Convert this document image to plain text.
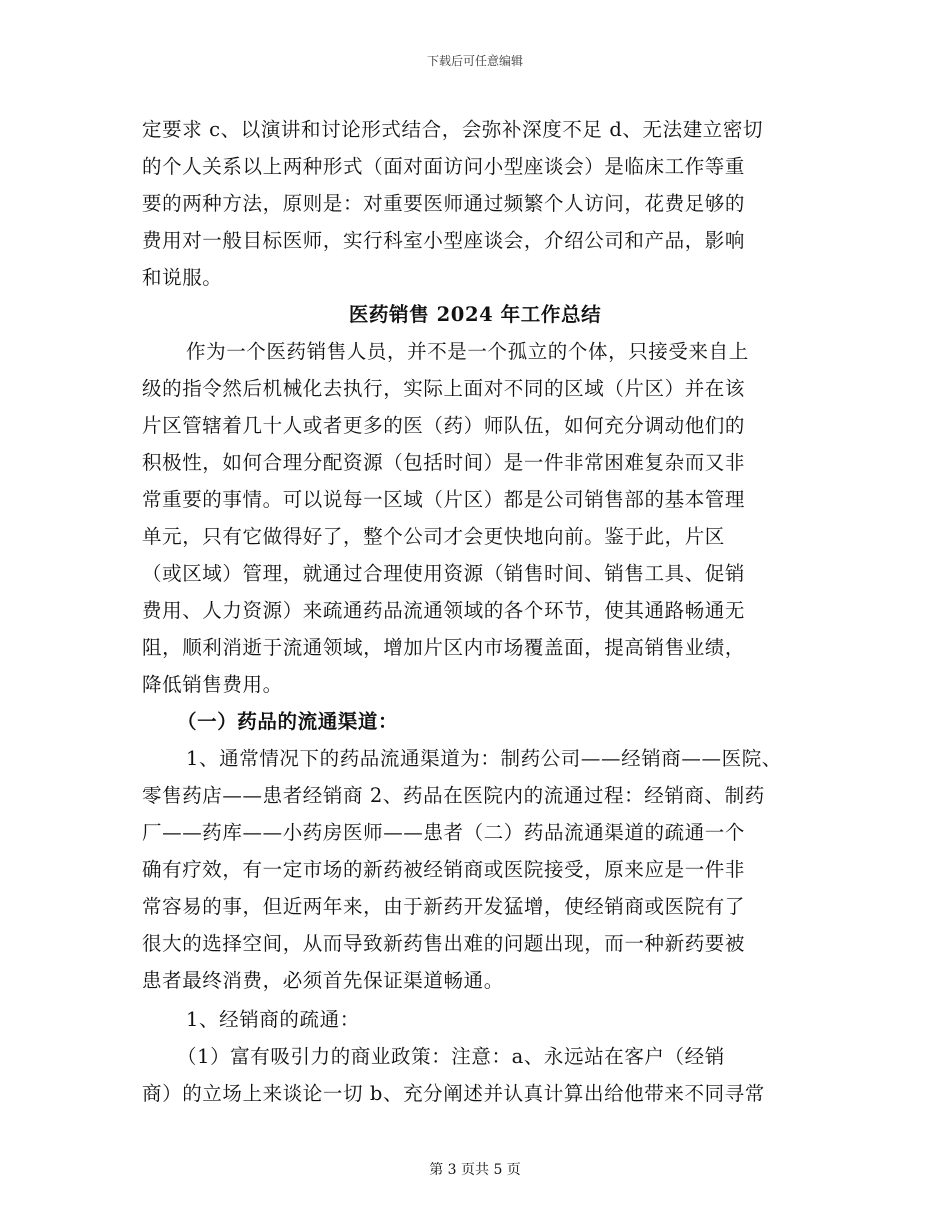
下载后可任意编辑
定要求 c、以演讲和讨论形式结合，会弥补深度不足 d、无法建立密切
的个人关系以上两种形式（面对面访问小型座谈会）是临床工作等重
要的两种方法，原则是：对重要医师通过频繁个人访问，花费足够的
费用对一般目标医师，实行科室小型座谈会，介绍公司和产品，影响
和说服。
医药销售 2024 年工作总结
作为一个医药销售人员，并不是一个孤立的个体，只接受来自上
级的指令然后机械化去执行，实际上面对不同的区域（片区）并在该
片区管辖着几十人或者更多的医（药）师队伍，如何充分调动他们的
积极性，如何合理分配资源（包括时间）是一件非常困难复杂而又非
常重要的事情。可以说每一区域（片区）都是公司销售部的基本管理
单元，只有它做得好了，整个公司才会更快地向前。鉴于此，片区
（或区域）管理，就通过合理使用资源（销售时间、销售工具、促销
费用、人力资源）来疏通药品流通领域的各个环节，使其通路畅通无
阻，顺利消逝于流通领域，增加片区内市场覆盖面，提高销售业绩，
降低销售费用。
（一）药品的流通渠道：
1、通常情况下的药品流通渠道为：制药公司——经销商——医院、
零售药店——患者经销商 2、药品在医院内的流通过程：经销商、制药
厂——药库——小药房医师——患者（二）药品流通渠道的疏通一个
确有疗效，有一定市场的新药被经销商或医院接受，原来应是一件非
常容易的事，但近两年来，由于新药开发猛增，使经销商或医院有了
很大的选择空间，从而导致新药售出难的问题出现，而一种新药要被
患者最终消费，必须首先保证渠道畅通。
1、经销商的疏通：
（1）富有吸引力的商业政策：注意：a、永远站在客户（经销
商）的立场上来谈论一切 b、充分阐述并认真计算出给他带来不同寻常
第 3 页共 5 页
